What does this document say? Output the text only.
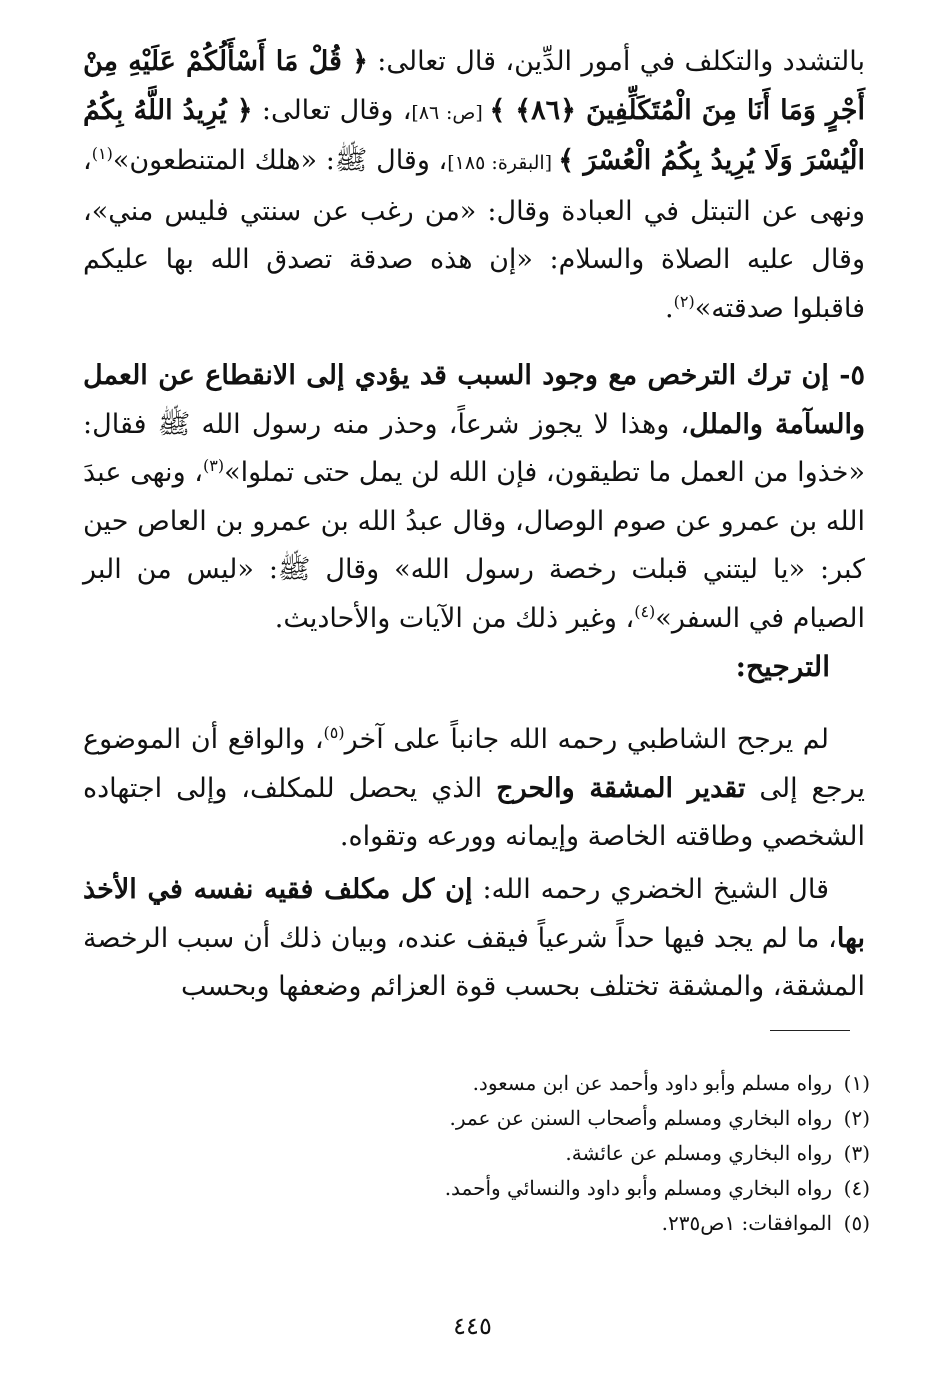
بالتشدد والتكلف في أمور الدِّين، قال تعالى: ﴿ قُلْ مَا أَسْأَلُكُمْ عَلَيْهِ مِنْ أَجْرٍ وَمَا أَنَا مِنَ الْمُتَكَلِّفِينَ ﴿٨٦﴾ ﴾ [ص: ٨٦]، وقال تعالى: ﴿ يُرِيدُ اللَّهُ بِكُمُ الْيُسْرَ وَلَا يُرِيدُ بِكُمُ الْعُسْرَ ﴾ [البقرة: ١٨٥]، وقال ﷺ: «هلك المتنطعون»$^{(١)}$، ونهى عن التبتل في العبادة وقال: «من رغب عن سنتي فليس مني»، وقال عليه الصلاة والسلام: «إن هذه صدقة تصدق الله بها عليكم فاقبلوا صدقته»$^{(٢)}$.

٥- إن ترك الترخص مع وجود السبب قد يؤدي إلى الانقطاع عن العمل والسآمة والملل، وهذا لا يجوز شرعاً، وحذر منه رسول الله ﷺ فقال: «خذوا من العمل ما تطيقون، فإن الله لن يمل حتى تملوا»$^{(٣)}$، ونهى عبدَ الله بن عمرو عن صوم الوصال، وقال عبدُ الله بن عمرو بن العاص حين كبر: «يا ليتني قبلت رخصة رسول الله» وقال ﷺ: «ليس من البر الصيام في السفر»$^{(٤)}$، وغير ذلك من الآيات والأحاديث.

الترجيح:

لم يرجح الشاطبي رحمه الله جانباً على آخر$^{(٥)}$، والواقع أن الموضوع يرجع إلى تقدير المشقة والحرج الذي يحصل للمكلف، وإلى اجتهاده الشخصي وطاقته الخاصة وإيمانه وورعه وتقواه.

قال الشيخ الخضري رحمه الله: إن كل مكلف فقيه نفسه في الأخذ بها، ما لم يجد فيها حداً شرعياً فيقف عنده، وبيان ذلك أن سبب الرخصة المشقة، والمشقة تختلف بحسب قوة العزائم وضعفها وبحسب

(١)رواه مسلم وأبو داود وأحمد عن ابن مسعود.
(٢)رواه البخاري ومسلم وأصحاب السنن عن عمر.
(٣)رواه البخاري ومسلم عن عائشة.
(٤)رواه البخاري ومسلم وأبو داود والنسائي وأحمد.
(٥)الموافقات: ١ص٢٣٥.
٤٤٥
